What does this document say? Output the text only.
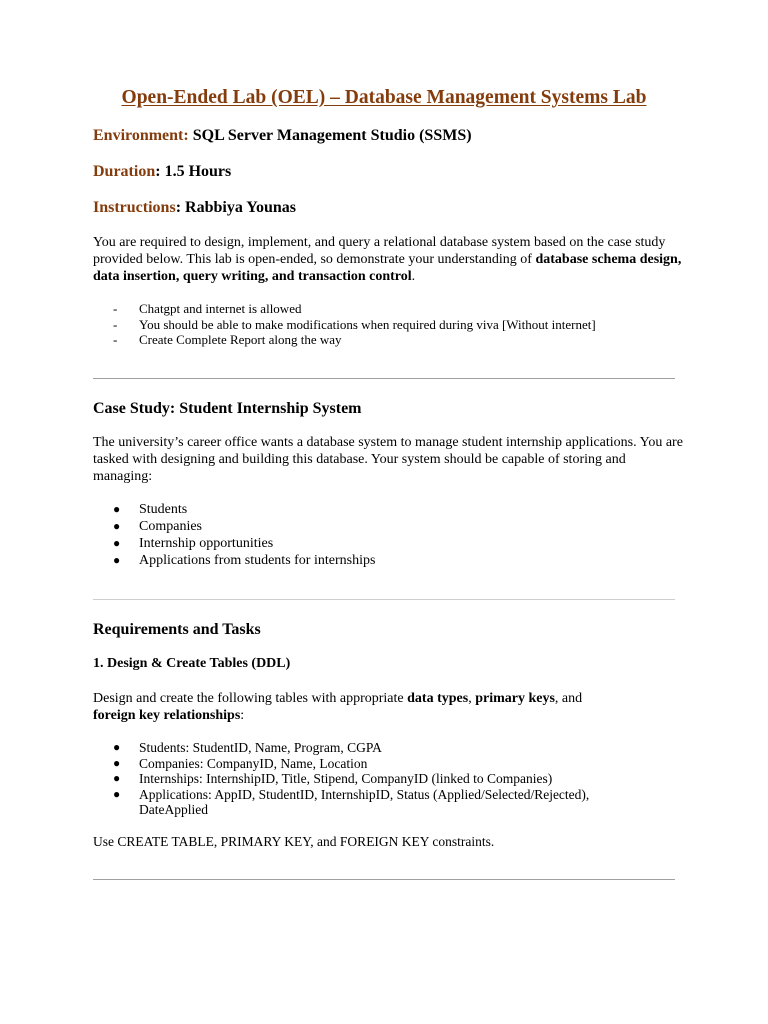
Open-Ended Lab (OEL) – Database Management Systems Lab
Environment: SQL Server Management Studio (SSMS)
Duration: 1.5 Hours
Instructions: Rabbiya Younas
You are required to design, implement, and query a relational database system based on the case study provided below. This lab is open-ended, so demonstrate your understanding of database schema design, data insertion, query writing, and transaction control.
-	Chatgpt and internet is allowed
-	You should be able to make modifications when required during viva [Without internet]
-	Create Complete Report along the way
Case Study: Student Internship System
The university’s career office wants a database system to manage student internship applications. You are tasked with designing and building this database. Your system should be capable of storing and managing:
● Students
● Companies
● Internship opportunities
● Applications from students for internships
Requirements and Tasks
1. Design & Create Tables (DDL)
Design and create the following tables with appropriate data types, primary keys, and
foreign key relationships:
● Students: StudentID, Name, Program, CGPA
● Companies: CompanyID, Name, Location
● Internships: InternshipID, Title, Stipend, CompanyID (linked to Companies)
● Applications: AppID, StudentID, InternshipID, Status (Applied/Selected/Rejected), DateApplied
Use CREATE TABLE, PRIMARY KEY, and FOREIGN KEY constraints.
